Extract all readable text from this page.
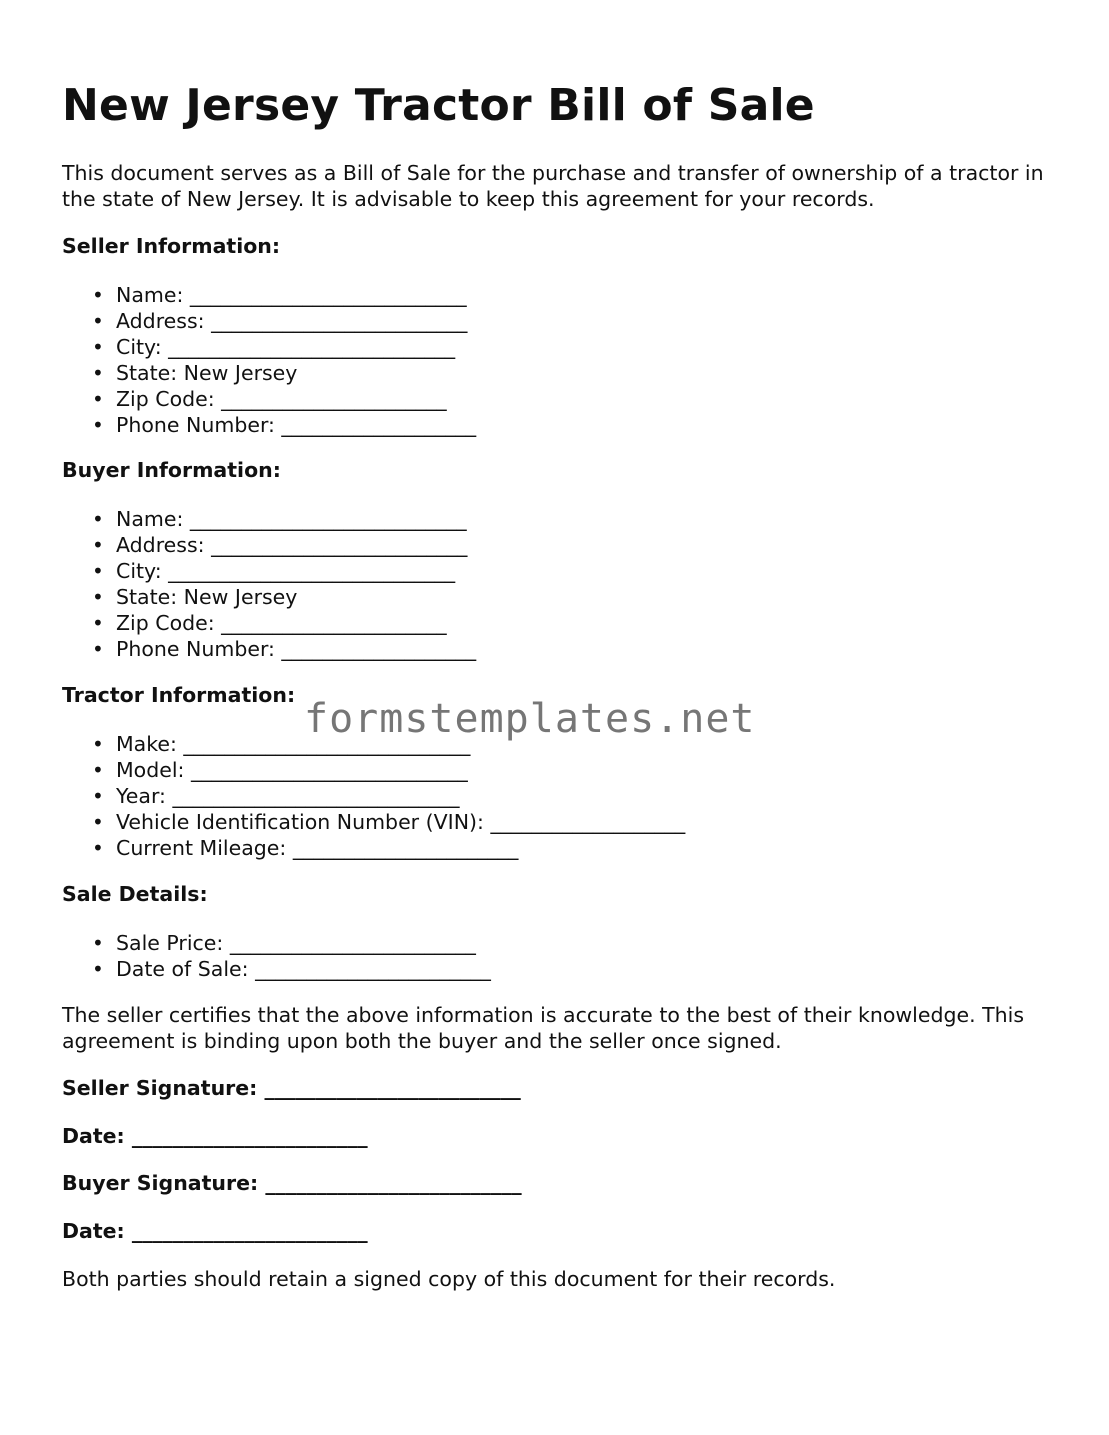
New Jersey Tractor Bill of Sale

This document serves as a Bill of Sale for the purchase and transfer of ownership of a tractor in the state of New Jersey. It is advisable to keep this agreement for your records.

Seller Information:

• Name: ___________________________
• Address: _________________________
• City: ____________________________
• State: New Jersey
• Zip Code: ______________________
• Phone Number: ___________________

Buyer Information:

• Name: ___________________________
• Address: _________________________
• City: ____________________________
• State: New Jersey
• Zip Code: ______________________
• Phone Number: ___________________

Tractor Information:

• Make: ____________________________
• Model: ___________________________
• Year: ____________________________
• Vehicle Identification Number (VIN): ___________________
• Current Mileage: ______________________

Sale Details:

• Sale Price: ________________________
• Date of Sale: _______________________

The seller certifies that the above information is accurate to the best of their knowledge. This agreement is binding upon both the buyer and the seller once signed.

Seller Signature: _________________________

Date: _______________________

Buyer Signature: _________________________

Date: _______________________

Both parties should retain a signed copy of this document for their records.

formstemplates.net
